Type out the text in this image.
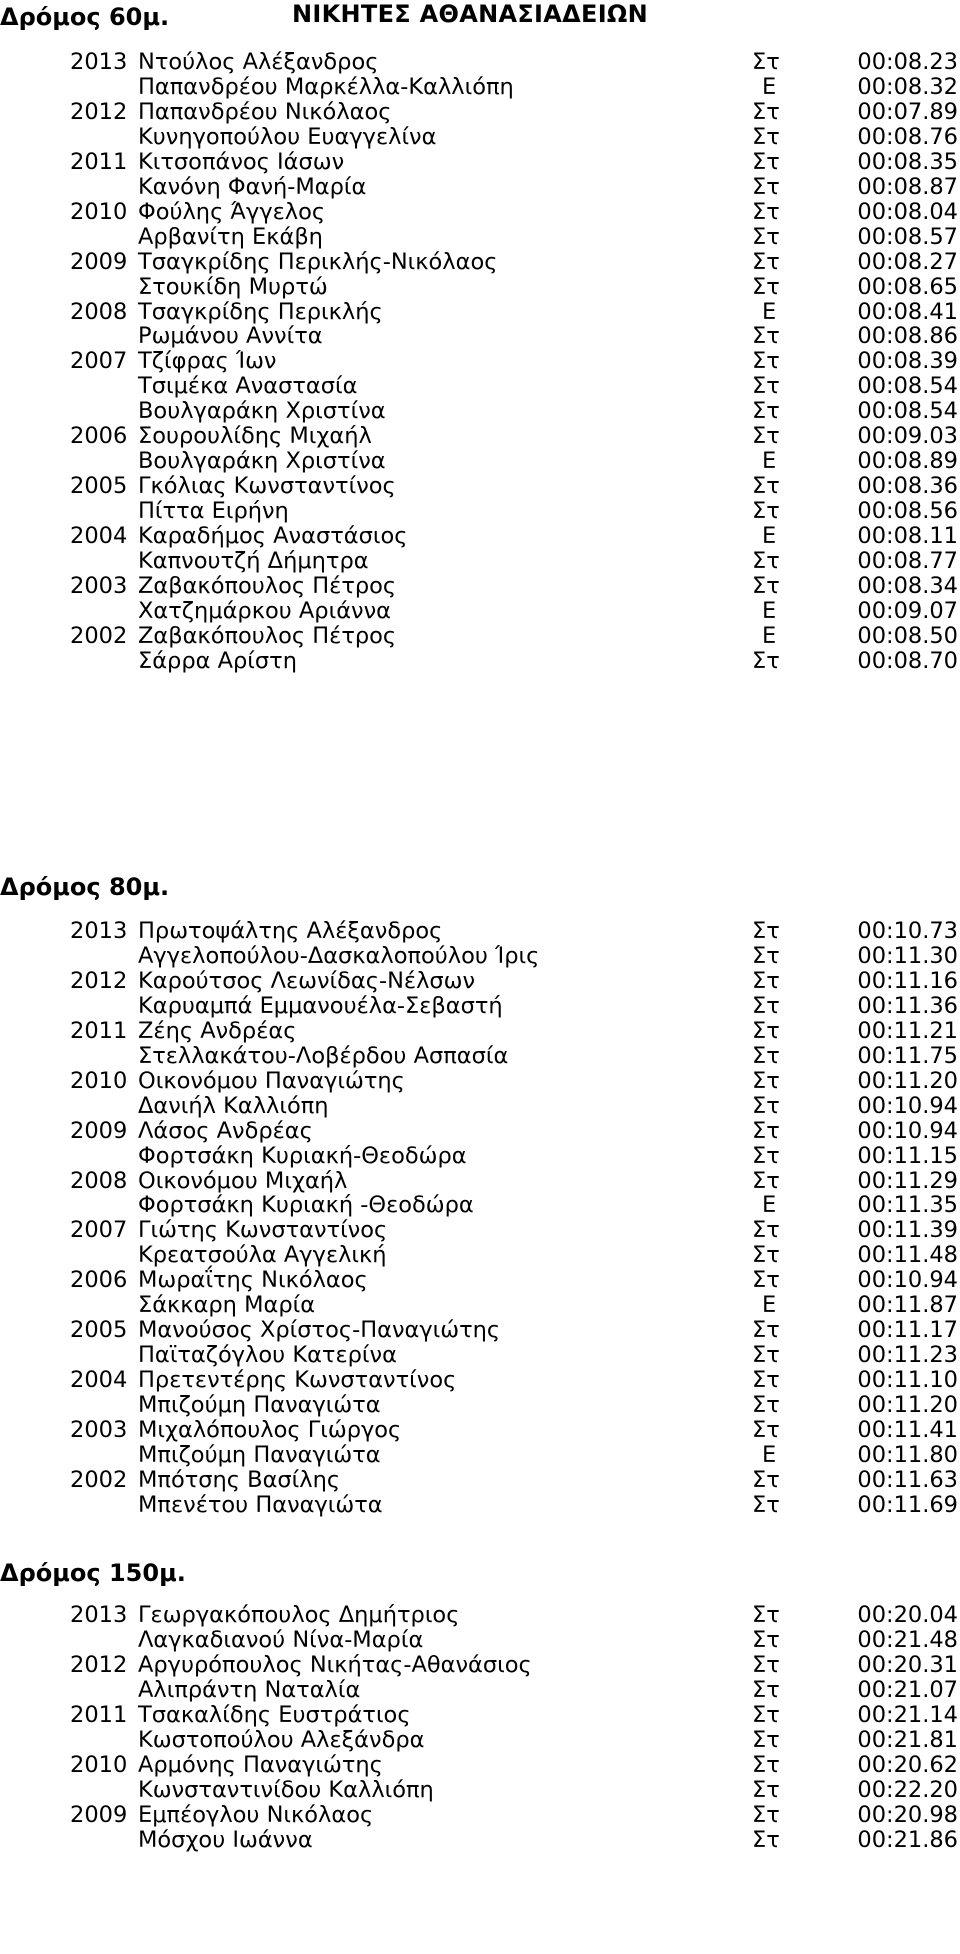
ΝΙΚΗΤΕΣ ΑΘΑΝΑΣΙΑΔΕΙΩΝ
Δρόμος 60μ.
2013 Ντούλος Αλέξανδρος	Στ	00:08.23
Παπανδρέου Μαρκέλλα-Καλλιόπη	Ε	00:08.32
2012 Παπανδρέου Νικόλαος	Στ	00:07.89
Κυνηγοπούλου Ευαγγελίνα	Στ	00:08.76
2011 Κιτσοπάνος Ιάσων	Στ	00:08.35
Κανόνη Φανή-Μαρία	Στ	00:08.87
2010 Φούλης Άγγελος	Στ	00:08.04
Αρβανίτη Εκάβη	Στ	00:08.57
2009 Τσαγκρίδης Περικλής-Νικόλαος	Στ	00:08.27
Στουκίδη Μυρτώ	Στ	00:08.65
2008 Τσαγκρίδης Περικλής	Ε	00:08.41
Ρωμάνου Αννίτα	Στ	00:08.86
2007 Τζίφρας Ίων	Στ	00:08.39
Τσιμέκα Αναστασία	Στ	00:08.54
Βουλγαράκη Χριστίνα	Στ	00:08.54
2006 Σουρουλίδης Μιχαήλ	Στ	00:09.03
Βουλγαράκη Χριστίνα	Ε	00:08.89
2005 Γκόλιας Κωνσταντίνος	Στ	00:08.36
Πίττα Ειρήνη	Στ	00:08.56
2004 Καραδήμος Αναστάσιος	Ε	00:08.11
Καπνουτζή Δήμητρα	Στ	00:08.77
2003 Ζαβακόπουλος Πέτρος	Στ	00:08.34
Χατζημάρκου Αριάννα	Ε	00:09.07
2002 Ζαβακόπουλος Πέτρος	Ε	00:08.50
Σάρρα Αρίστη	Στ	00:08.70
Δρόμος 80μ.
2013 Πρωτοψάλτης Αλέξανδρος	Στ	00:10.73
Αγγελοπούλου-Δασκαλοπούλου Ίρις	Στ	00:11.30
2012 Καρούτσος Λεωνίδας-Νέλσων	Στ	00:11.16
Καρυαμπά Εμμανουέλα-Σεβαστή	Στ	00:11.36
2011 Ζέης Ανδρέας	Στ	00:11.21
Στελλακάτου-Λοβέρδου Ασπασία	Στ	00:11.75
2010 Οικονόμου Παναγιώτης	Στ	00:11.20
Δανιήλ Καλλιόπη	Στ	00:10.94
2009 Λάσος Ανδρέας	Στ	00:10.94
Φορτσάκη Κυριακή-Θεοδώρα	Στ	00:11.15
2008 Οικονόμου Μιχαήλ	Στ	00:11.29
Φορτσάκη Κυριακή -Θεοδώρα	Ε	00:11.35
2007 Γιώτης Κωνσταντίνος	Στ	00:11.39
Κρεατσούλα Αγγελική	Στ	00:11.48
2006 Μωραΐτης Νικόλαος	Στ	00:10.94
Σάκκαρη Μαρία	Ε	00:11.87
2005 Μανούσος Χρίστος-Παναγιώτης	Στ	00:11.17
Παϊταζόγλου Κατερίνα	Στ	00:11.23
2004 Πρετεντέρης Κωνσταντίνος	Στ	00:11.10
Μπιζούμη Παναγιώτα	Στ	00:11.20
2003 Μιχαλόπουλος Γιώργος	Στ	00:11.41
Μπιζούμη Παναγιώτα	Ε	00:11.80
2002 Μπότσης Βασίλης	Στ	00:11.63
Μπενέτου Παναγιώτα	Στ	00:11.69
Δρόμος 150μ.
2013 Γεωργακόπουλος Δημήτριος	Στ	00:20.04
Λαγκαδιανού Νίνα-Μαρία	Στ	00:21.48
2012 Αργυρόπουλος Νικήτας-Αθανάσιος	Στ	00:20.31
Αλιπράντη Ναταλία	Στ	00:21.07
2011 Τσακαλίδης Ευστράτιος	Στ	00:21.14
Κωστοπούλου Αλεξάνδρα	Στ	00:21.81
2010 Αρμόνης Παναγιώτης	Στ	00:20.62
Κωνσταντινίδου Καλλιόπη	Στ	00:22.20
2009 Εμπέογλου Νικόλαος	Στ	00:20.98
Μόσχου Ιωάννα	Στ	00:21.86
